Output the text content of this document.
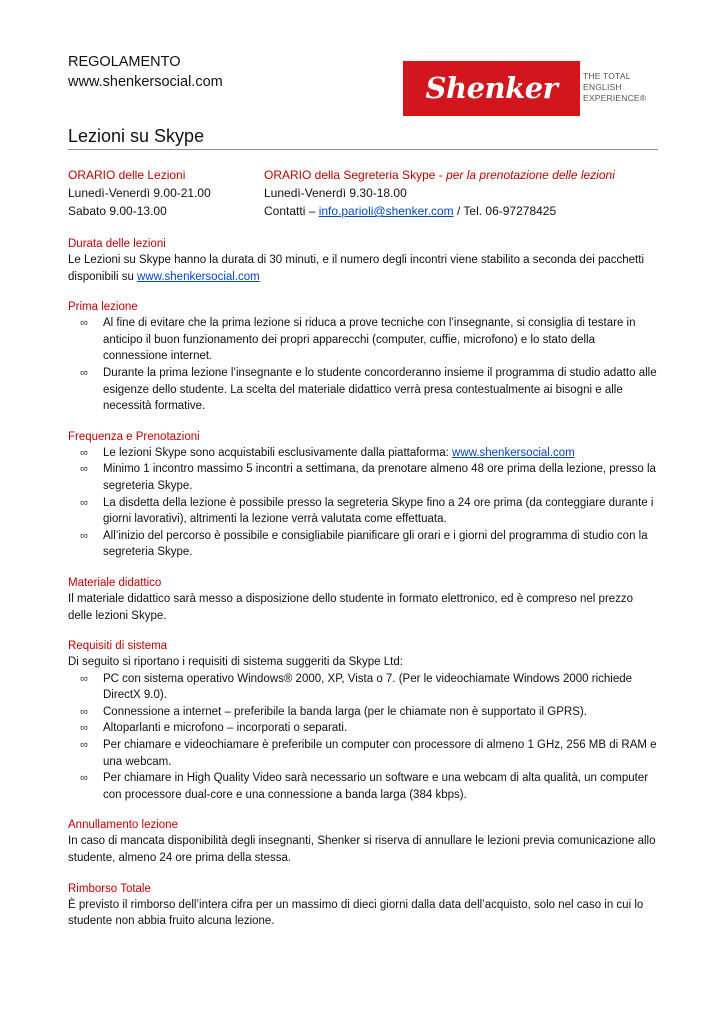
REGOLAMENTO
www.shenkersocial.com	Shenker	THE TOTAL
ENGLISH
EXPERIENCE®
Lezioni su Skype
ORARIO delle Lezioni
Lunedì-Venerdì 9.00-21.00
Sabato 9.00-13.00
ORARIO della Segreteria Skype - per la prenotazione delle lezioni
Lunedì-Venerdì 9.30-18.00
Contatti – info.parioli@shenker.com / Tel. 06-97278425
Durata delle lezioni
Le Lezioni su Skype hanno la durata di 30 minuti, e il numero degli incontri viene stabilito a seconda dei pacchetti disponibili su www.shenkersocial.com
Prima lezione
∞ Al fine di evitare che la prima lezione si riduca a prove tecniche con l’insegnante, si consiglia di testare in anticipo il buon funzionamento dei propri apparecchi (computer, cuffie, microfono) e lo stato della connessione internet.
∞ Durante la prima lezione l’insegnante e lo studente concorderanno insieme il programma di studio adatto alle esigenze dello studente. La scelta del materiale didattico verrà presa contestualmente ai bisogni e alle necessità formative.
Frequenza e Prenotazioni
∞ Le lezioni Skype sono acquistabili esclusivamente dalla piattaforma: www.shenkersocial.com
∞ Minimo 1 incontro massimo 5 incontri a settimana, da prenotare almeno 48 ore prima della lezione, presso la segreteria Skype.
∞ La disdetta della lezione è possibile presso la segreteria Skype fino a 24 ore prima (da conteggiare durante i giorni lavorativi), altrimenti la lezione verrà valutata come effettuata.
∞ All’inizio del percorso è possibile e consigliabile pianificare gli orari e i giorni del programma di studio con la segreteria Skype.
Materiale didattico
Il materiale didattico sarà messo a disposizione dello studente in formato elettronico, ed è compreso nel prezzo delle lezioni Skype.
Requisiti di sistema
Di seguito si riportano i requisiti di sistema suggeriti da Skype Ltd:
∞ PC con sistema operativo Windows® 2000, XP, Vista o 7. (Per le videochiamate Windows 2000 richiede DirectX 9.0).
∞ Connessione a internet – preferibile la banda larga (per le chiamate non è supportato il GPRS).
∞ Altoparlanti e microfono – incorporati o separati.
∞ Per chiamare e videochiamare è preferibile un computer con processore di almeno 1 GHz, 256 MB di RAM e una webcam.
∞ Per chiamare in High Quality Video sarà necessario un software e una webcam di alta qualità, un computer con processore dual-core e una connessione a banda larga (384 kbps).
Annullamento lezione
In caso di mancata disponibilità degli insegnanti, Shenker si riserva di annullare le lezioni previa comunicazione allo studente, almeno 24 ore prima della stessa.
Rimborso Totale
È previsto il rimborso dell’intera cifra per un massimo di dieci giorni dalla data dell’acquisto, solo nel caso in cui lo studente non abbia fruito alcuna lezione.
